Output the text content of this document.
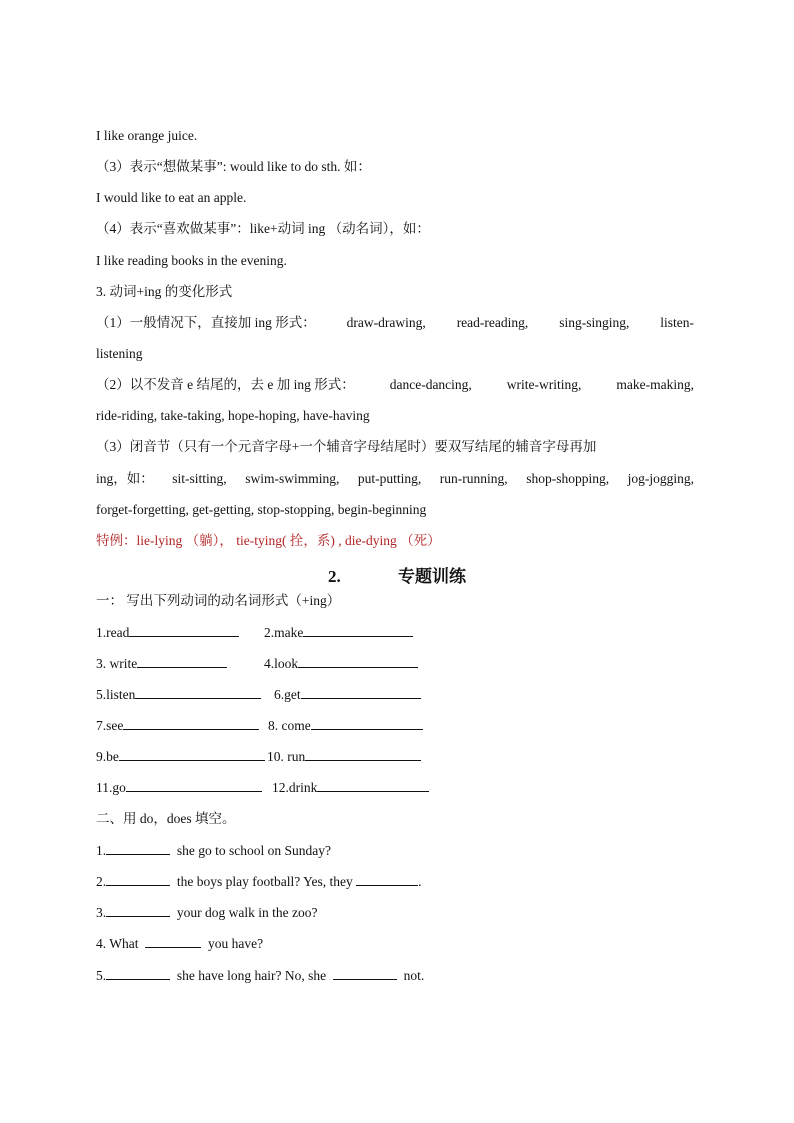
I like orange juice.
（3）表示“想做某事”: would like to do sth. 如：
I would like to eat an apple.
（4）表示“喜欢做某事”：like+动词 ing （动名词），如：
I like reading books in the evening.
3. 动词+ing 的变化形式
（1）一般情况下，直接加 ing 形式： draw-drawing, read-reading, sing-singing, listen-
listening
（2）以不发音 e 结尾的，去 e 加 ing 形式：	dance-dancing,	write-writing,	make-making,
ride-riding, take-taking, hope-hoping, have-having
（3）闭音节（只有一个元音字母+一个辅音字母结尾时）要双写结尾的辅音字母再加
ing，如： sit-sitting, swim-swimming, put-putting, run-running, shop-shopping, jog-jogging,
forget-forgetting, get-getting, stop-stopping, begin-beginning
特例：lie-lying （躺）， tie-tying( 拴，系) , die-dying （死）
2.	专题训练
一： 写出下列动词的动名词形式（+ing）
1.read	2.make
3. write	4.look
5.listen	6.get
7.see	8. come
9.be	10. run
11.go	12.drink
二、用 do，does 填空。
1.	she go to school on Sunday?
2.	the boys play football? Yes, they	.
3.	your dog walk in the zoo?
4. What	you have?
5.	she have long hair? No, she	not.
